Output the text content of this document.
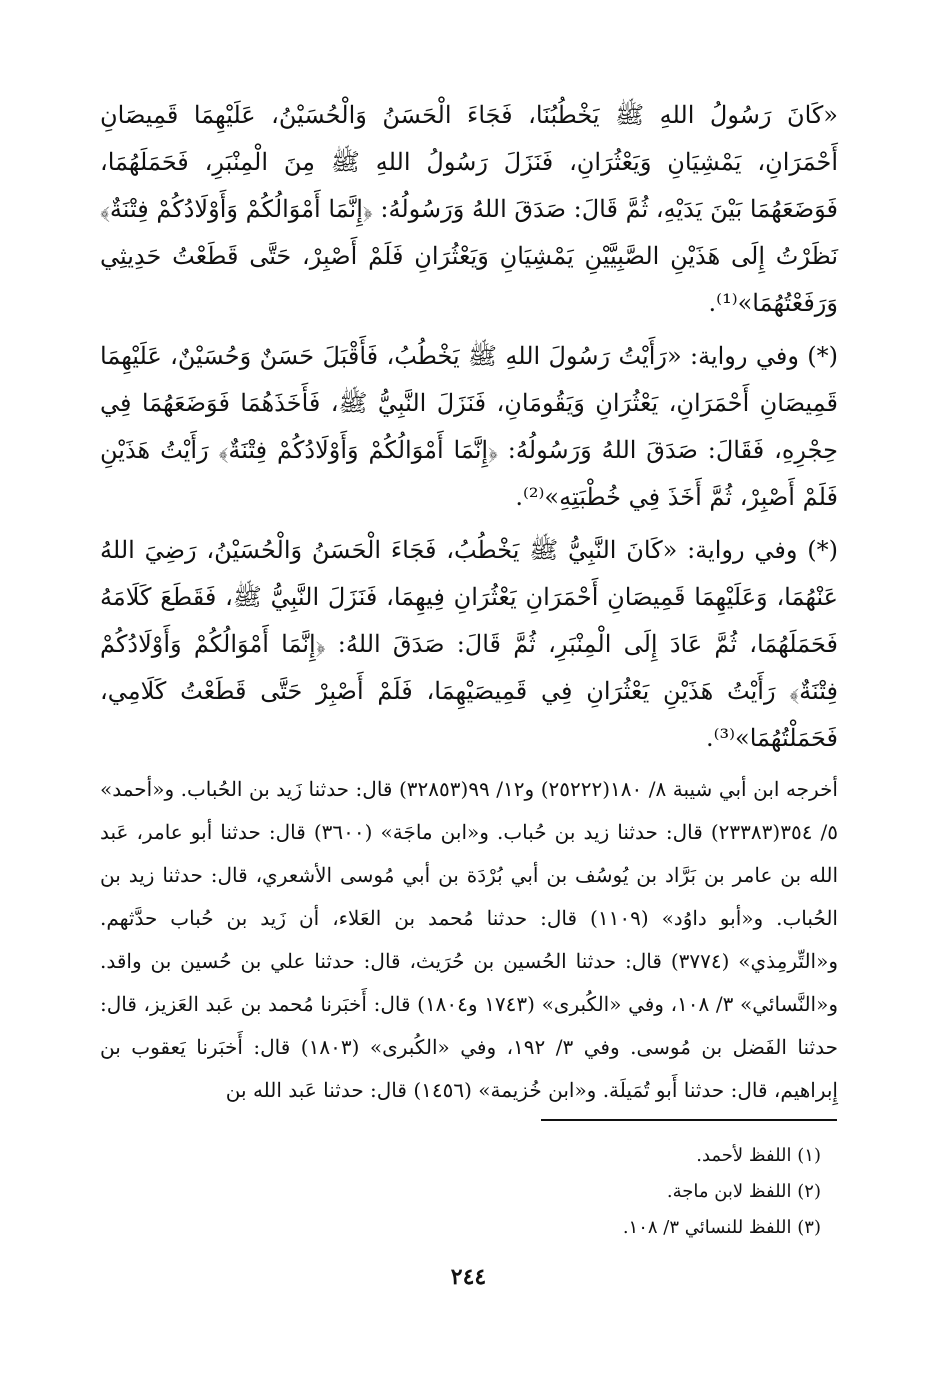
«كَانَ رَسُولُ اللهِ ﷺ يَخْطُبُنَا، فَجَاءَ الْحَسَنُ وَالْحُسَيْنُ، عَلَيْهِمَا قَمِيصَانِ أَحْمَرَانِ، يَمْشِيَانِ وَيَعْثُرَانِ، فَنَزَلَ رَسُولُ اللهِ ﷺ مِنَ الْمِنْبَرِ، فَحَمَلَهُمَا، فَوَضَعَهُمَا بَيْنَ يَدَيْهِ، ثُمَّ قَالَ: صَدَقَ اللهُ وَرَسُولُهُ: ﴿إِنَّمَا أَمْوَالُكُمْ وَأَوْلَادُكُمْ فِتْنَةٌ﴾ نَظَرْتُ إِلَى هَذَيْنِ الصَّبِيَّيْنِ يَمْشِيَانِ وَيَعْثُرَانِ فَلَمْ أَصْبِرْ، حَتَّى قَطَعْتُ حَدِيثِي وَرَفَعْتُهُمَا»⁽¹⁾.

(*) وفي رواية: «رَأَيْتُ رَسُولَ اللهِ ﷺ يَخْطُبُ، فَأَقْبَلَ حَسَنٌ وَحُسَيْنٌ، عَلَيْهِمَا قَمِيصَانِ أَحْمَرَانِ، يَعْثُرَانِ وَيَقُومَانِ، فَنَزَلَ النَّبِيُّ ﷺ، فَأَخَذَهُمَا فَوَضَعَهُمَا فِي حِجْرِهِ، فَقَالَ: صَدَقَ اللهُ وَرَسُولُهُ: ﴿إِنَّمَا أَمْوَالُكُمْ وَأَوْلَادُكُمْ فِتْنَةٌ﴾ رَأَيْتُ هَذَيْنِ فَلَمْ أَصْبِرْ، ثُمَّ أَخَذَ فِي خُطْبَتِهِ»⁽²⁾.

(*) وفي رواية: «كَانَ النَّبِيُّ ﷺ يَخْطُبُ، فَجَاءَ الْحَسَنُ وَالْحُسَيْنُ، رَضِيَ اللهُ عَنْهُمَا، وَعَلَيْهِمَا قَمِيصَانِ أَحْمَرَانِ يَعْثُرَانِ فِيهِمَا، فَنَزَلَ النَّبِيُّ ﷺ، فَقَطَعَ كَلَامَهُ فَحَمَلَهُمَا، ثُمَّ عَادَ إِلَى الْمِنْبَرِ، ثُمَّ قَالَ: صَدَقَ اللهُ: ﴿إِنَّمَا أَمْوَالُكُمْ وَأَوْلَادُكُمْ فِتْنَةٌ﴾ رَأَيْتُ هَذَيْنِ يَعْثُرَانِ فِي قَمِيصَيْهِمَا، فَلَمْ أَصْبِرْ حَتَّى قَطَعْتُ كَلَامِي، فَحَمَلْتُهُمَا»⁽³⁾.

أخرجه ابن أبي شيبة ٨/ ١٨٠(٢٥٢٢٢) و١٢/ ٩٩(٣٢٨٥٣) قال: حدثنا زَيد بن الحُباب. و«أحمد» ٥/ ٣٥٤(٢٣٣٨٣) قال: حدثنا زيد بن حُباب. و«ابن ماجَة» (٣٦٠٠) قال: حدثنا أبو عامر، عَبد الله بن عامر بن بَرَّاد بن يُوسُف بن أبي بُرْدَة بن أبي مُوسى الأشعري، قال: حدثنا زيد بن الحُباب. و«أبو داوُد» (١١٠٩) قال: حدثنا مُحمد بن العَلاء، أن زَيد بن حُباب حدَّثهم. و«التِّرمِذي» (٣٧٧٤) قال: حدثنا الحُسين بن حُرَيث، قال: حدثنا علي بن حُسين بن واقد. و«النَّسائي» ٣/ ١٠٨، وفي «الكُبرى» (١٧٤٣ و١٨٠٤) قال: أَخبَرنا مُحمد بن عَبد العَزيز، قال: حدثنا الفَضل بن مُوسى. وفي ٣/ ١٩٢، وفي «الكُبرى» (١٨٠٣) قال: أَخبَرنا يَعقوب بن إِبراهيم، قال: حدثنا أَبو تُمَيلَة. و«ابن خُزيمة» (١٤٥٦) قال: حدثنا عَبد الله بن

(١) اللفظ لأحمد.
(٢) اللفظ لابن ماجة.
(٣) اللفظ للنسائي ٣/ ١٠٨.
٢٤٤
